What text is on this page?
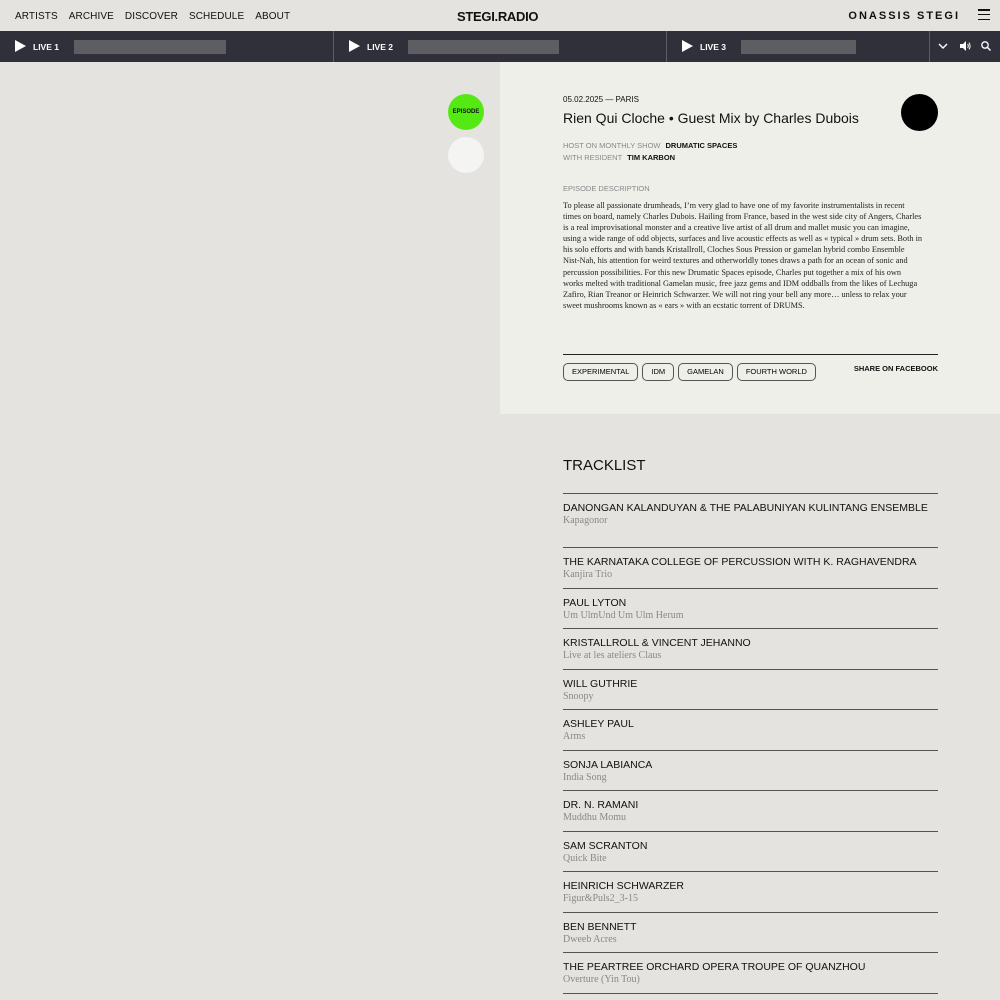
ARTISTS ARCHIVE DISCOVER SCHEDULE ABOUT	STEGI.RADIO	ONASSIS STEGI
LIVE 1	LIVE 2	LIVE 3
EPISODE
05.02.2025 — PARIS
Rien Qui Cloche • Guest Mix by Charles Dubois
HOST ON MONTHLY SHOW DRUMATIC SPACES
WITH RESIDENT TIM KARBON
EPISODE DESCRIPTION

To please all passionate drumheads, I’m very glad to have one of my favorite instrumentalists in recent times on board, namely Charles Dubois. Hailing from France, based in the west side city of Angers, Charles is a real improvisational monster and a creative live artist of all drum and mallet music you can imagine, using a wide range of odd objects, surfaces and live acoustic effects as well as « typical » drum sets. Both in his solo efforts and with bands Kristallroll, Cloches Sous Pression or gamelan hybrid combo Ensemble Nist-Nah, his attention for weird textures and otherworldly tones draws a path for an ocean of sonic and percussion possibilities. For this new Drumatic Spaces episode, Charles put together a mix of his own works melted with traditional Gamelan music, free jazz gems and IDM oddballs from the likes of Lechuga Zafiro, Rian Treanor or Heinrich Schwarzer. We will not ring your bell any more… unless to relax your sweet mushrooms known as « ears » with an ecstatic torrent of DRUMS.

EXPERIMENTAL	IDM	GAMELAN	FOURTH WORLD	SHARE ON FACEBOOK
TRACKLIST
DANONGAN KALANDUYAN & THE PALABUNIYAN KULINTANG ENSEMBLE
Kapagonor
THE KARNATAKA COLLEGE OF PERCUSSION WITH K. RAGHAVENDRA
Kanjira Trio
PAUL LYTON
Um UlmUnd Um Ulm Herum
KRISTALLROLL & VINCENT JEHANNO
Live at les ateliers Claus
WILL GUTHRIE
Snoopy
ASHLEY PAUL
Arms
SONJA LABIANCA
India Song
DR. N. RAMANI
Muddhu Momu
SAM SCRANTON
Quick Bite
HEINRICH SCHWARZER
Figur&Puls2_3-15
BEN BENNETT
Dweeb Acres
THE PEARTREE ORCHARD OPERA TROUPE OF QUANZHOU
Overture (Yin Tou)
